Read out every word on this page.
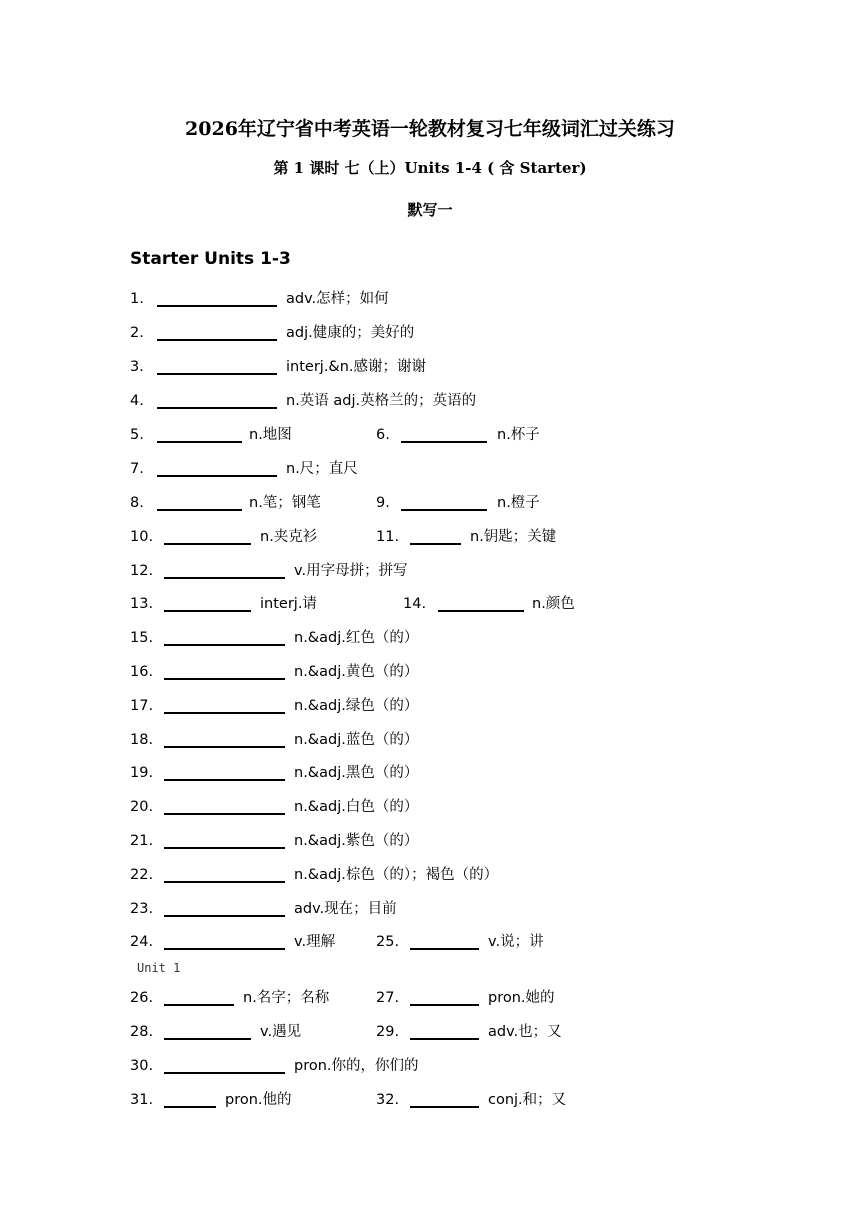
2026年辽宁省中考英语一轮教材复习七年级词汇过关练习
第 1 课时 七（上）Units 1-4 ( 含 Starter)
默写一
Starter Units 1-3
1.	adv.怎样；如何
2.	adj.健康的；美好的
3.	interj.&n.感谢；谢谢
4.	n.英语 adj.英格兰的；英语的
5.	n.地图	6.	n.杯子
7.	n.尺；直尺
8.	n.笔；钢笔	9.	n.橙子
10.	n.夹克衫	11.	n.钥匙；关键
12.	v.用字母拼；拼写
13.	interj.请	14.	n.颜色
15.	n.&adj.红色（的）
16.	n.&adj.黄色（的）
17.	n.&adj.绿色（的）
18.	n.&adj.蓝色（的）
19.	n.&adj.黑色（的）
20.	n.&adj.白色（的）
21.	n.&adj.紫色（的）
22.	n.&adj.棕色（的）；褐色（的）
23.	adv.现在；目前
24.	v.理解	25.	v.说；讲
Unit 1
26.	n.名字；名称	27.	pron.她的
28.	v.遇见	29.	adv.也；又
30.	pron.你的，你们的
31.	pron.他的	32.	conj.和；又
